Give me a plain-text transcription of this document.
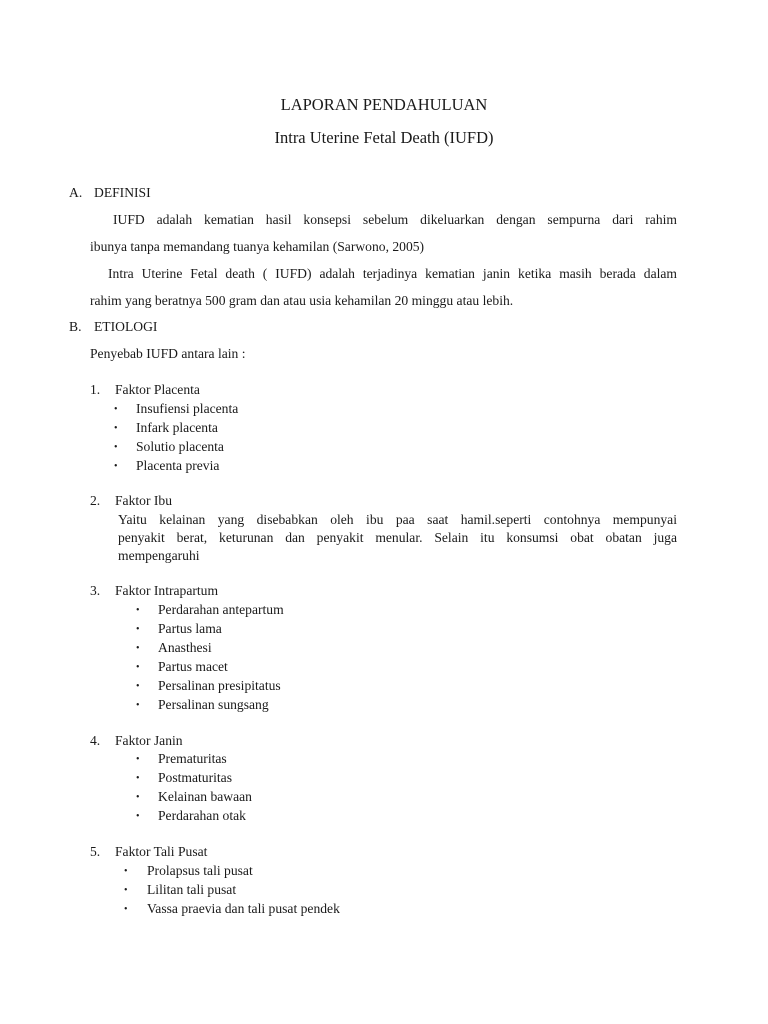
LAPORAN PENDAHULUAN
Intra Uterine Fetal Death (IUFD)
A. DEFINISI
IUFD adalah kematian hasil konsepsi sebelum dikeluarkan dengan sempurna dari rahim
ibunya tanpa memandang tuanya kehamilan (Sarwono, 2005)
Intra Uterine Fetal death ( IUFD) adalah terjadinya kematian janin ketika masih berada dalam
rahim yang beratnya 500 gram dan atau usia kehamilan 20 minggu atau lebih.
B. ETIOLOGI
Penyebab IUFD antara lain :
1. Faktor Placenta
• Insufiensi placenta
• Infark placenta
• Solutio placenta
• Placenta previa
2. Faktor Ibu
Yaitu kelainan yang disebabkan oleh ibu paa saat hamil.seperti contohnya mempunyai
penyakit berat, keturunan dan penyakit menular. Selain itu konsumsi obat obatan juga
mempengaruhi
3. Faktor Intrapartum
• Perdarahan antepartum
• Partus lama
• Anasthesi
• Partus macet
• Persalinan presipitatus
• Persalinan sungsang
4. Faktor Janin
• Prematuritas
• Postmaturitas
• Kelainan bawaan
• Perdarahan otak
5. Faktor Tali Pusat
• Prolapsus tali pusat
• Lilitan tali pusat
• Vassa praevia dan tali pusat pendek
